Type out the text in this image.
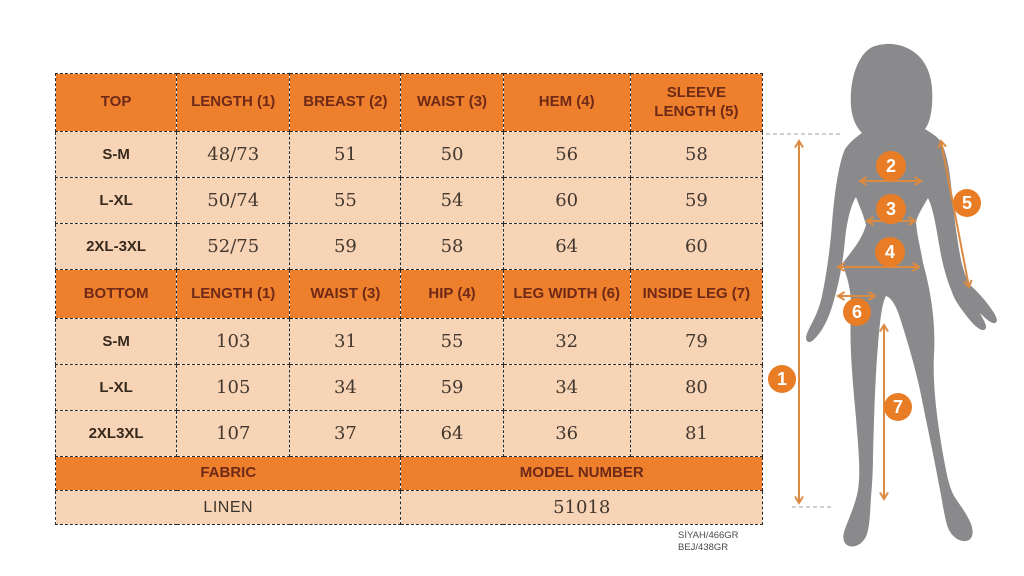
TOP	LENGTH (1)	BREAST (2)	WAIST (3)	HEM (4)	SLEEVE LENGTH (5)
S-M	48/73	51	50	56	58
L-XL	50/74	55	54	60	59
2XL-3XL	52/75	59	58	64	60
BOTTOM	LENGTH (1)	WAIST (3)	HIP (4)	LEG WIDTH (6)	INSIDE LEG (7)
S-M	103	31	55	32	79
L-XL	105	34	59	34	80
2XL3XL	107	37	64	36	81
FABRIC			MODEL NUMBER		
LINEN			51018		
SİYAH/466GR
BEJ/438GR
1
2
3
4
5
6
7
